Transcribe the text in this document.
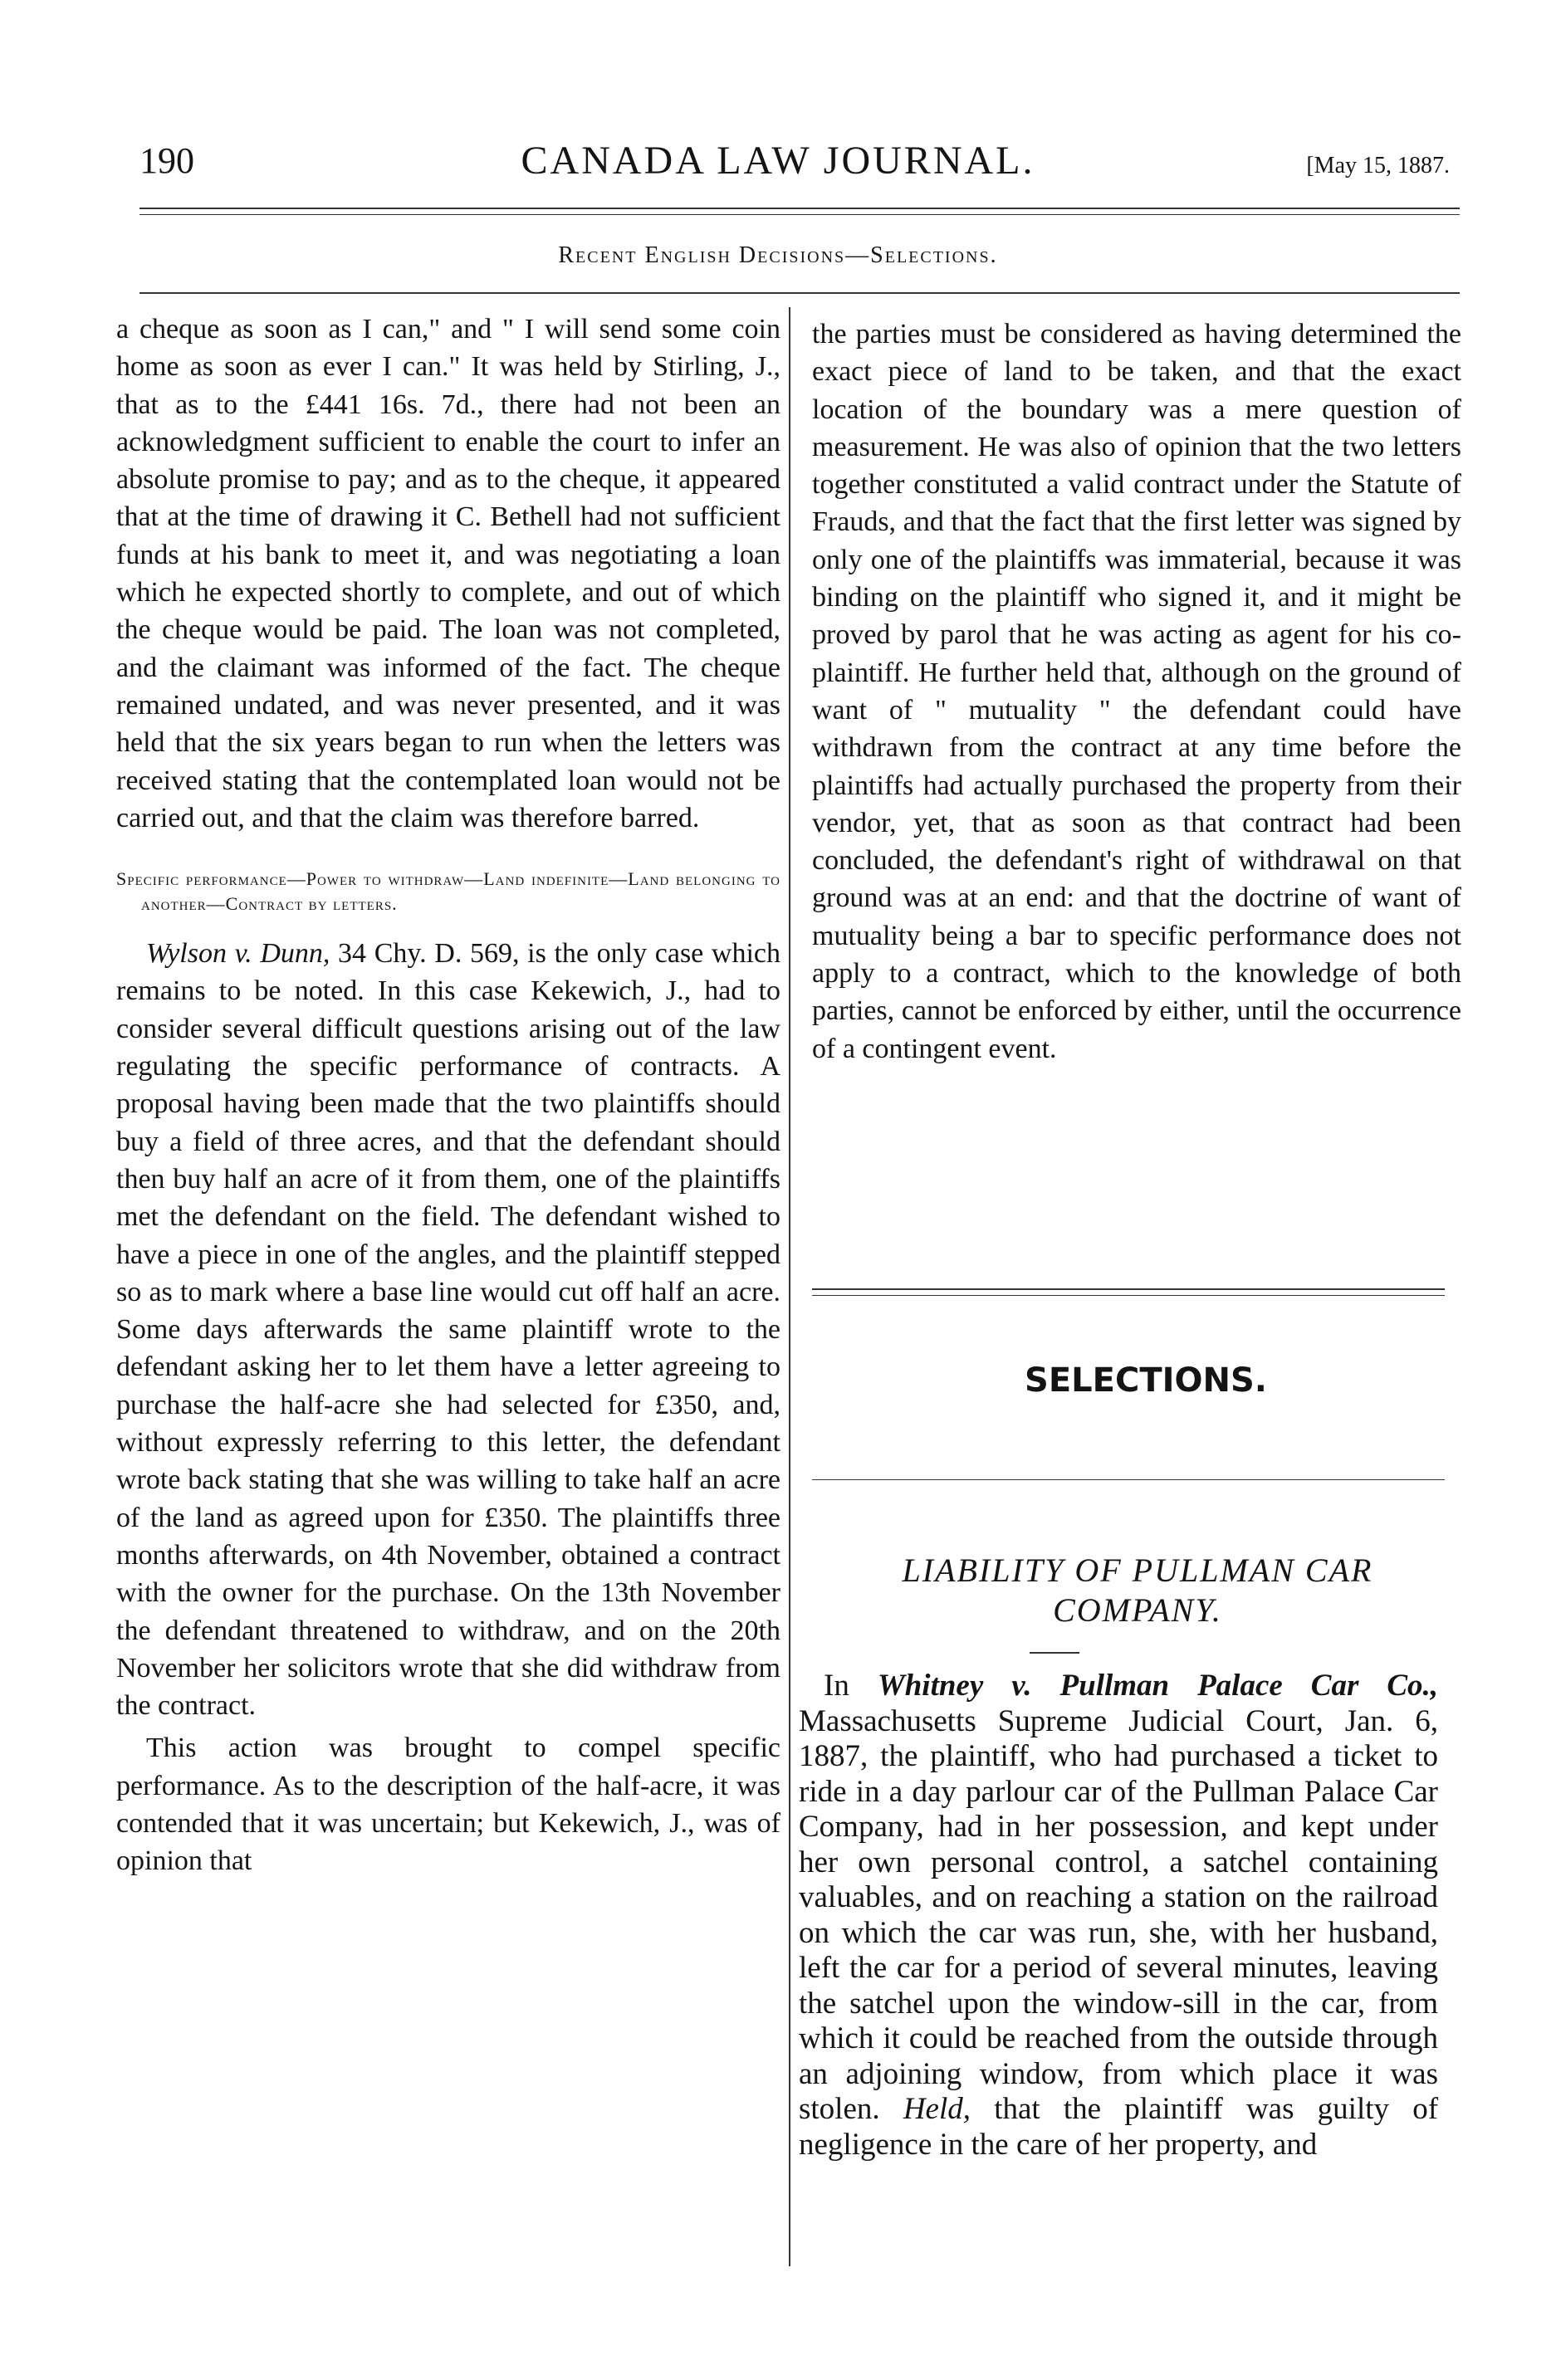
190	CANADA LAW JOURNAL.	[May 15, 1887.
Recent English Decisions—Selections.

a cheque as soon as I can," and " I will send some coin home as soon as ever I can." It was held by Stirling, J., that as to the £441 16s. 7d., there had not been an acknowledgment sufficient to enable the court to infer an absolute promise to pay; and as to the cheque, it appeared that at the time of drawing it C. Bethell had not sufficient funds at his bank to meet it, and was negotiating a loan which he expected shortly to complete, and out of which the cheque would be paid. The loan was not completed, and the claimant was informed of the fact. The cheque remained undated, and was never presented, and it was held that the six years began to run when the letters was received stating that the contemplated loan would not be carried out, and that the claim was therefore barred.

Specific performance—Power to withdraw—Land indefinite—Land belonging to another—Contract by letters.

Wylson v. Dunn, 34 Chy. D. 569, is the only case which remains to be noted. In this case Kekewich, J., had to consider several difficult questions arising out of the law regulating the specific performance of contracts. A proposal having been made that the two plaintiffs should buy a field of three acres, and that the defendant should then buy half an acre of it from them, one of the plaintiffs met the defendant on the field. The defendant wished to have a piece in one of the angles, and the plaintiff stepped so as to mark where a base line would cut off half an acre. Some days afterwards the same plaintiff wrote to the defendant asking her to let them have a letter agreeing to purchase the half-acre she had selected for £350, and, without expressly referring to this letter, the defendant wrote back stating that she was willing to take half an acre of the land as agreed upon for £350. The plaintiffs three months afterwards, on 4th November, obtained a contract with the owner for the purchase. On the 13th November the defendant threatened to withdraw, and on the 20th November her solicitors wrote that she did withdraw from the contract.

This action was brought to compel specific performance. As to the description of the half-acre, it was contended that it was uncertain; but Kekewich, J., was of opinion that

the parties must be considered as having determined the exact piece of land to be taken, and that the exact location of the boundary was a mere question of measurement. He was also of opinion that the two letters together constituted a valid contract under the Statute of Frauds, and that the fact that the first letter was signed by only one of the plaintiffs was immaterial, because it was binding on the plaintiff who signed it, and it might be proved by parol that he was acting as agent for his co-plaintiff. He further held that, although on the ground of want of " mutuality " the defendant could have withdrawn from the contract at any time before the plaintiffs had actually purchased the property from their vendor, yet, that as soon as that contract had been concluded, the defendant's right of withdrawal on that ground was at an end: and that the doctrine of want of mutuality being a bar to specific performance does not apply to a contract, which to the knowledge of both parties, cannot be enforced by either, until the occurrence of a contingent event.

SELECTIONS.
LIABILITY OF PULLMAN CAR
COMPANY.

In Whitney v. Pullman Palace Car Co., Massachusetts Supreme Judicial Court, Jan. 6, 1887, the plaintiff, who had purchased a ticket to ride in a day parlour car of the Pullman Palace Car Company, had in her possession, and kept under her own personal control, a satchel containing valuables, and on reaching a station on the railroad on which the car was run, she, with her husband, left the car for a period of several minutes, leaving the satchel upon the window-sill in the car, from which it could be reached from the outside through an adjoining window, from which place it was stolen. Held, that the plaintiff was guilty of negligence in the care of her property, and
